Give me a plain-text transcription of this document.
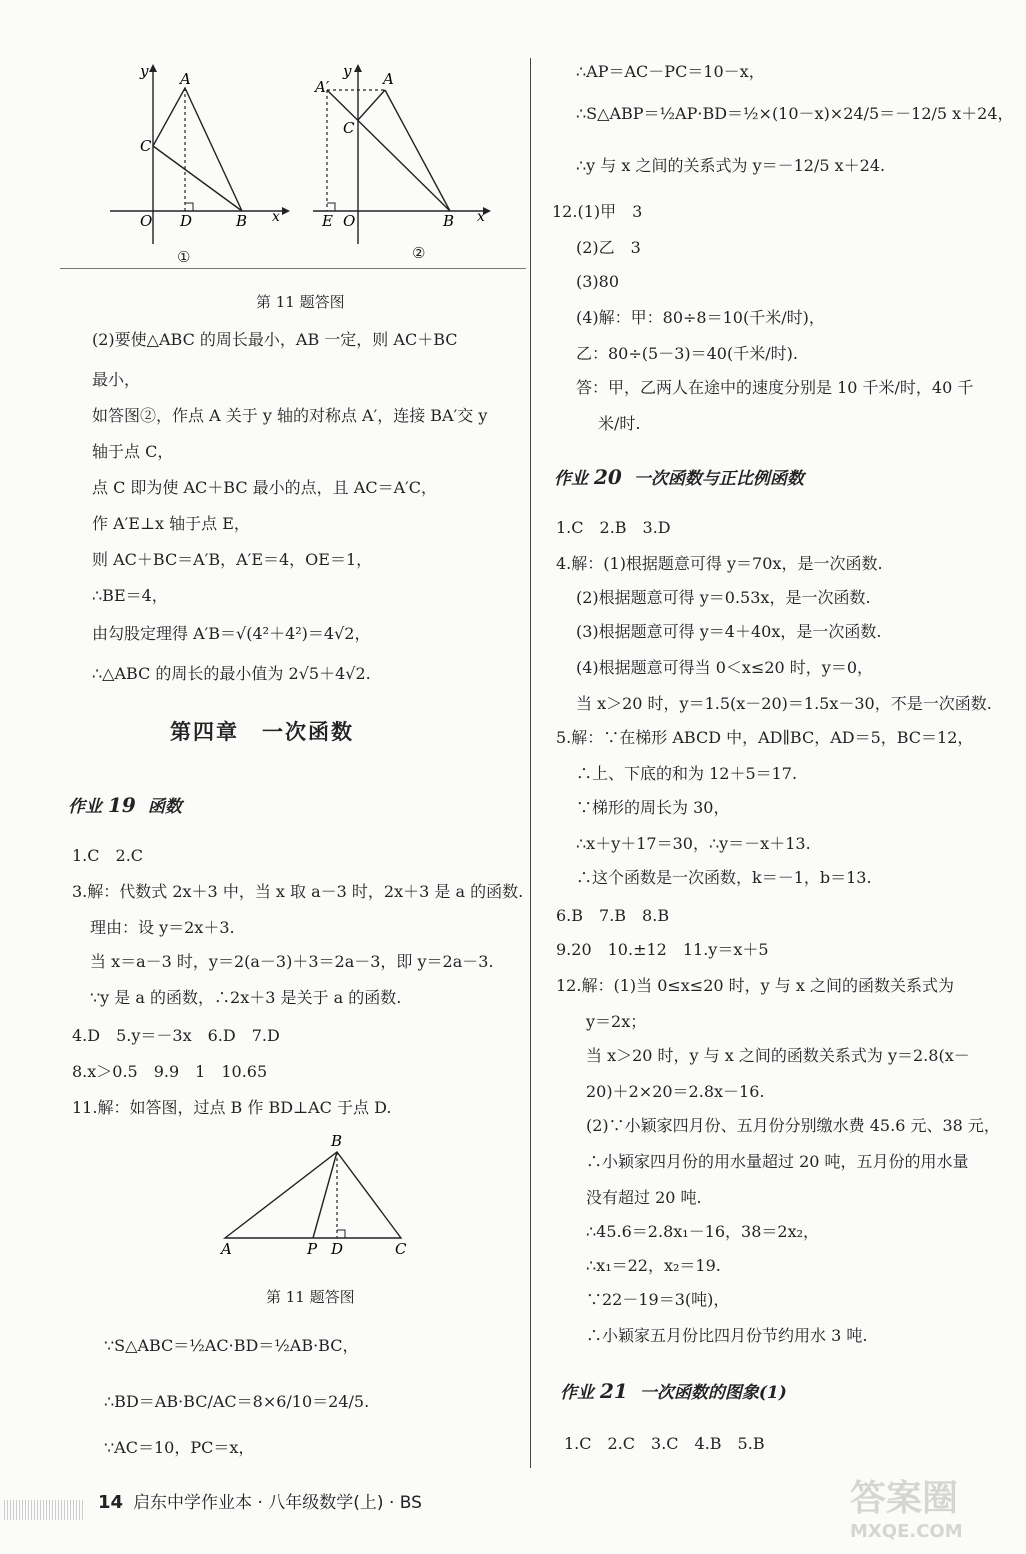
y A
C
O D	B x
A′
y A
C
E O	B x
①	②
第 11 题答图
(2)要使△ABC 的周长最小，AB 一定，则 AC＋BC
最小，
如答图②，作点 A 关于 y 轴的对称点 A′，连接 BA′交 y
轴于点 C，
点 C 即为使 AC＋BC 最小的点，且 AC＝A′C，
作 A′E⊥x 轴于点 E，
则 AC＋BC＝A′B，A′E＝4，OE＝1，
∴BE＝4，
由勾股定理得 A′B＝√(4²＋4²)＝4√2，
∴△ABC 的周长的最小值为 2√5＋4√2.
第四章　一次函数
作业 19 函数
1.C　2.C
3.解：代数式 2x＋3 中，当 x 取 a－3 时，2x＋3 是 a 的函数.
理由：设 y＝2x＋3.
当 x＝a－3 时，y＝2(a－3)＋3＝2a－3，即 y＝2a－3.
∵y 是 a 的函数，∴2x＋3 是关于 a 的函数.
4.D　5.y＝－3x　6.D　7.D
8.x＞0.5　9.9　1　10.65
11.解：如答图，过点 B 作 BD⊥AC 于点 D.
B
A	P D	C
第 11 题答图
∵S△ABC＝½AC·BD＝½AB·BC，
∴BD＝AB·BC/AC＝8×6/10＝24/5.
∵AC＝10，PC＝x，
∴AP＝AC－PC＝10－x，
∴S△ABP＝½AP·BD＝½×(10－x)×24/5＝－12/5 x＋24，
∴y 与 x 之间的关系式为 y＝－12/5 x＋24.
12.(1)甲　3
(2)乙　3
(3)80
(4)解：甲：80÷8＝10(千米/时)，
乙：80÷(5－3)＝40(千米/时).
答：甲，乙两人在途中的速度分别是 10 千米/时，40 千
米/时.
作业 20 一次函数与正比例函数
1.C　2.B　3.D
4.解：(1)根据题意可得 y＝70x，是一次函数.
(2)根据题意可得 y＝0.53x，是一次函数.
(3)根据题意可得 y＝4＋40x，是一次函数.
(4)根据题意可得当 0＜x≤20 时，y＝0，
当 x＞20 时，y＝1.5(x－20)＝1.5x－30，不是一次函数.
5.解：∵在梯形 ABCD 中，AD∥BC，AD＝5，BC＝12，
∴上、下底的和为 12＋5＝17.
∵梯形的周长为 30，
∴x＋y＋17＝30，∴y＝－x＋13.
∴这个函数是一次函数，k＝－1，b＝13.
6.B　7.B　8.B
9.20　10.±12　11.y＝x＋5
12.解：(1)当 0≤x≤20 时，y 与 x 之间的函数关系式为
y＝2x；
当 x＞20 时，y 与 x 之间的函数关系式为 y＝2.8(x－
20)＋2×20＝2.8x－16.
(2)∵小颖家四月份、五月份分别缴水费 45.6 元、38 元，
∴小颖家四月份的用水量超过 20 吨，五月份的用水量
没有超过 20 吨.
∴45.6＝2.8x₁－16，38＝2x₂，
∴x₁＝22，x₂＝19.
∵22－19＝3(吨)，
∴小颖家五月份比四月份节约用水 3 吨.
作业 21 一次函数的图象(1)
1.C　2.C　3.C　4.B　5.B
14 启东中学作业本 · 八年级数学(上) · BS	答案圈
MXQE.COM
